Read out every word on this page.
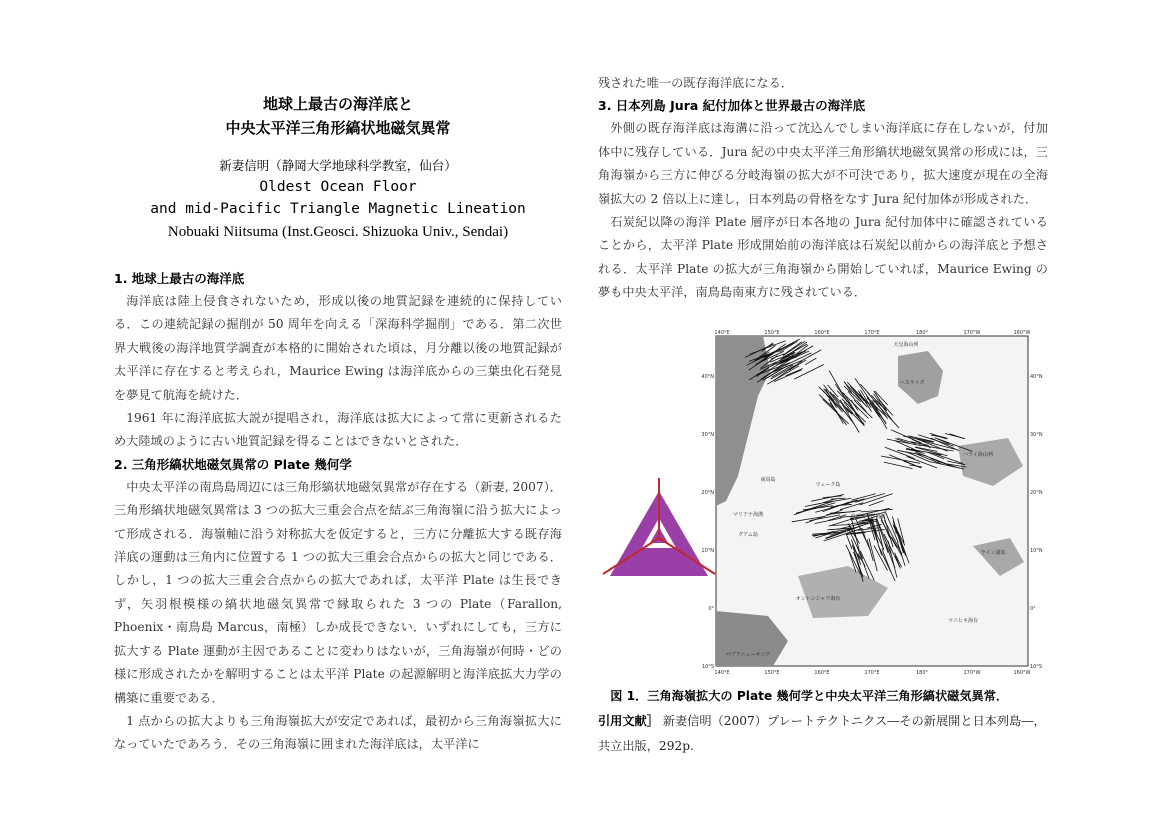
地球上最古の海洋底と
中央太平洋三角形縞状地磁気異常
新妻信明（静岡大学地球科学教室，仙台）
Oldest Ocean Floor
and mid-Pacific Triangle Magnetic Lineation
Nobuaki Niitsuma (Inst.Geosci. Shizuoka Univ., Sendai)
1. 地球上最古の海洋底

海洋底は陸上侵食されないため，形成以後の地質記録を連続的に保持している．この連続記録の掘削が 50 周年を向える「深海科学掘削」である．第二次世界大戦後の海洋地質学調査が本格的に開始された頃は，月分離以後の地質記録が太平洋に存在すると考えられ，Maurice Ewing は海洋底からの三葉虫化石発見を夢見て航海を続けた．

1961 年に海洋底拡大説が提唱され，海洋底は拡大によって常に更新されるため大陸域のように古い地質記録を得ることはできないとされた．

2. 三角形縞状地磁気異常の Plate 幾何学

中央太平洋の南鳥島周辺には三角形縞状地磁気異常が存在する（新妻, 2007）．三角形縞状地磁気異常は 3 つの拡大三重会合点を結ぶ三角海嶺に沿う拡大によって形成される．海嶺軸に沿う対称拡大を仮定すると，三方に分離拡大する既存海洋底の運動は三角内に位置する 1 つの拡大三重会合点からの拡大と同じである．しかし，1 つの拡大三重会合点からの拡大であれば，太平洋 Plate は生長できず，矢羽根模様の縞状地磁気異常で縁取られた 3 つの Plate（Farallon, Phoenix・南鳥島 Marcus，南極）しか成長できない．いずれにしても，三方に拡大する Plate 運動が主因であることに変わりはないが，三角海嶺が何時・どの様に形成されたかを解明することは太平洋 Plate の起源解明と海洋底拡大力学の構築に重要である．

1 点からの拡大よりも三角海嶺拡大が安定であれば，最初から三角海嶺拡大になっていたであろう．その三角海嶺に囲まれた海洋底は，太平洋に

残された唯一の既存海洋底になる．

3. 日本列島 Jura 紀付加体と世界最古の海洋底

外側の既存海洋底は海溝に沿って沈込んでしまい海洋底に存在しないが，付加体中に残存している．Jura 紀の中央太平洋三角形縞状地磁気異常の形成には，三角海嶺から三方に伸びる分岐海嶺の拡大が不可決であり，拡大速度が現在の全海嶺拡大の 2 倍以上に達し，日本列島の骨格をなす Jura 紀付加体が形成された．

石炭紀以降の海洋 Plate 層序が日本各地の Jura 紀付加体中に確認されていることから，太平洋 Plate 形成開始前の海洋底は石炭紀以前からの海洋底と予想される．太平洋 Plate の拡大が三角海嶺から開始していれば，Maurice Ewing の夢も中央太平洋，南鳥島南東方に残されている．

140°E	150°E	160°E	170°E	180°	170°W	160°W
140°E	150°E	160°E	170°E	180°	170°W	160°W
40°N
30°N
20°N
10°N
0°
10°S
40°N
30°N
20°N
10°N
0°
10°S
天皇海山列
ヘスライズ
ハワイ海山列
南鳥島
ウェーク島
中部太平洋山脈
マリアナ海溝
グアム島
ライン諸島
オントンジャワ海台
マニヒキ海台
パプアニューギニア
図 1．三角海嶺拡大の Plate 幾何学と中央太平洋三角形縞状磁気異常．
引用文献］ 新妻信明（2007）プレートテクトニクス―その新展開と日本列島―，共立出版，292p.
